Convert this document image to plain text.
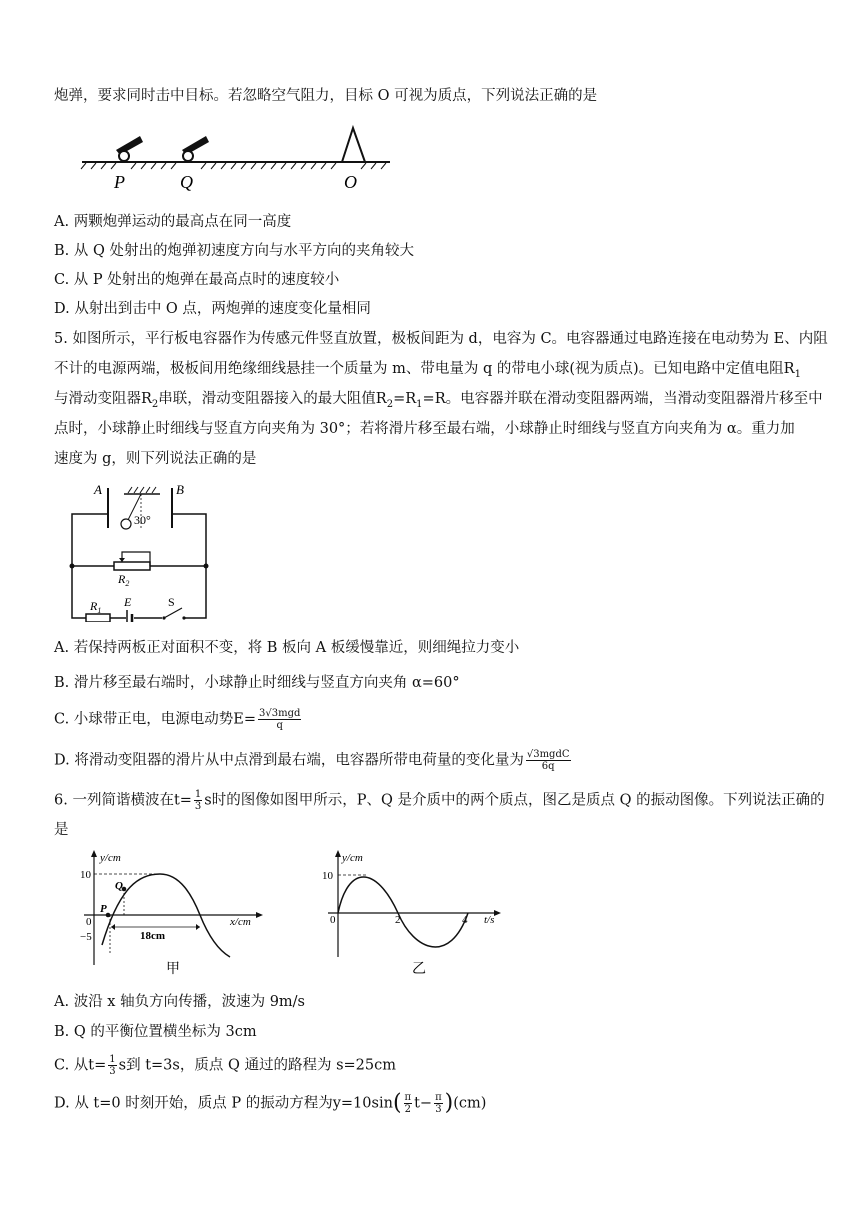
炮弹，要求同时击中目标。若忽略空气阻力，目标 O 可视为质点，下列说法正确的是
P	Q	O
A. 两颗炮弹运动的最高点在同一高度
B. 从 Q 处射出的炮弹初速度方向与水平方向的夹角较大
C. 从 P 处射出的炮弹在最高点时的速度较小
D. 从射出到击中 O 点，两炮弹的速度变化量相同
5. 如图所示，平行板电容器作为传感元件竖直放置，极板间距为 d，电容为 C。电容器通过电路连接在电动势为 E、内阻
不计的电源两端，极板间用绝缘细线悬挂一个质量为 m、带电量为 q 的带电小球(视为质点)。已知电路中定值电阻$R_1$
与滑动变阻器$R_2$串联，滑动变阻器接入的最大阻值$R_2=R_1=R$。电容器并联在滑动变阻器两端，当滑动变阻器滑片移至中
点时，小球静止时细线与竖直方向夹角为 30°；若将滑片移至最右端，小球静止时细线与竖直方向夹角为 α。重力加
速度为 g，则下列说法正确的是
30°
A	B
$R_2$
$R_1$
E	S
A. 若保持两板正对面积不变，将 B 板向 A 板缓慢靠近，则细绳拉力变小
B. 滑片移至最右端时，小球静止时细线与竖直方向夹角 α=60°
C. 小球带正电，电源电动势$E= \frac{\text{3√3mgd}}{q}$
D. 将滑动变阻器的滑片从中点滑到最右端，电容器所带电荷量的变化量为 $\frac{\text{√3mgdC}}{6q}$
6. 一列简谐横波在$t= \frac{1}{3}$ s时的图像如图甲所示，P、Q 是介质中的两个质点，图乙是质点 Q 的振动图像。下列说法正确的
是
y/cm
x/cm
10
0
−5
P
Q
18cm
甲
y/cm
t/s
10
0	2	4
乙
A. 波沿 x 轴负方向传播，波速为 9m/s
B. Q 的平衡位置横坐标为 3cm
C. 从$t= \frac{1}{3}$ s到 t=3s，质点 Q 通过的路程为 s=25cm
D. 从 t=0 时刻开始，质点 P 的振动方程为$y=10\sin( \frac{\pi}{2} t- \frac{\pi}{3} )(cm)$
